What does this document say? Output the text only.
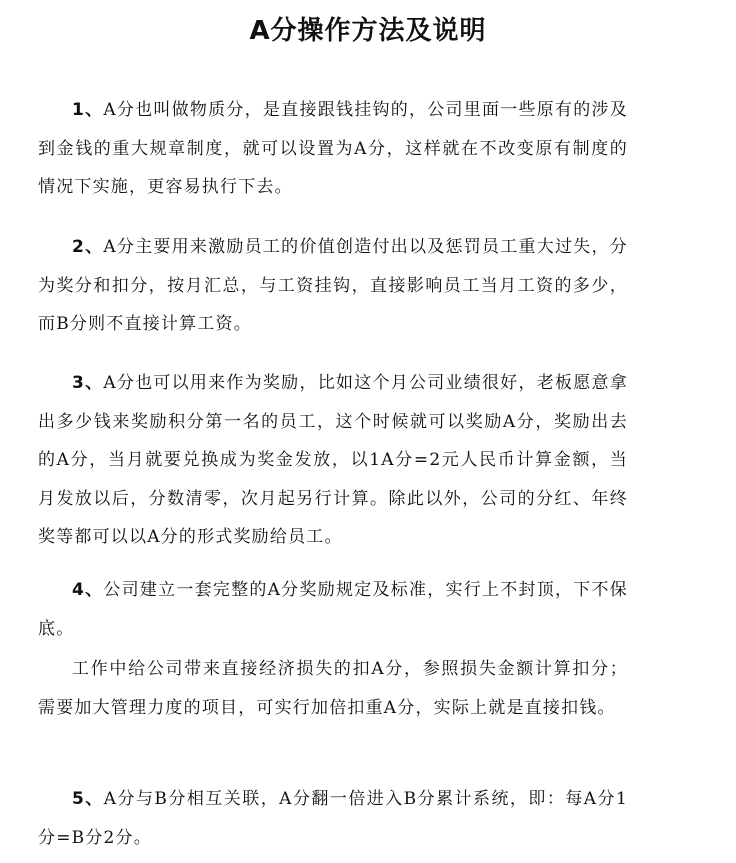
A分操作方法及说明

1、A分也叫做物质分，是直接跟钱挂钩的，公司里面一些原有的涉及到金钱的重大规章制度，就可以设置为A分，这样就在不改变原有制度的情况下实施，更容易执行下去。

2、A分主要用来激励员工的价值创造付出以及惩罚员工重大过失，分为奖分和扣分，按月汇总，与工资挂钩，直接影响员工当月工资的多少，而B分则不直接计算工资。

3、A分也可以用来作为奖励，比如这个月公司业绩很好，老板愿意拿出多少钱来奖励积分第一名的员工，这个时候就可以奖励A分，奖励出去的A分，当月就要兑换成为奖金发放，以1A分=2元人民币计算金额，当月发放以后，分数清零，次月起另行计算。除此以外，公司的分红、年终奖等都可以以A分的形式奖励给员工。

4、公司建立一套完整的A分奖励规定及标准，实行上不封顶，下不保底。

工作中给公司带来直接经济损失的扣A分，参照损失金额计算扣分；需要加大管理力度的项目，可实行加倍扣重A分，实际上就是直接扣钱。

5、A分与B分相互关联，A分翻一倍进入B分累计系统，即：每A分1分=B分2分。
